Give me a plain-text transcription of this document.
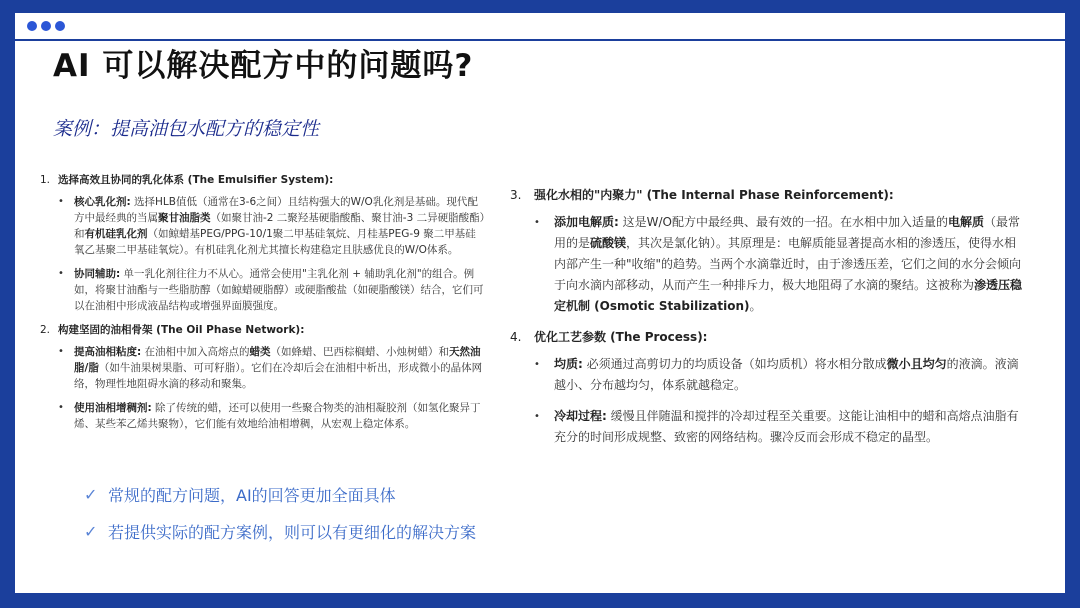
AI 可以解决配方中的问题吗?
案例：提高油包水配方的稳定性
1. 选择高效且协同的乳化体系 (The Emulsifier System):
• 核心乳化剂: 选择HLB值低（通常在3-6之间）且结构强大的W/O乳化剂是基础。现代配方中最经典的当属聚甘油脂类（如聚甘油-2 二聚羟基硬脂酸酯、聚甘油-3 二异硬脂酸酯）和有机硅乳化剂（如鲸蜡基PEG/PPG-10/1聚二甲基硅氧烷、月桂基PEG-9 聚二甲基硅氧乙基聚二甲基硅氧烷）。有机硅乳化剂尤其擅长构建稳定且肤感优良的W/O体系。
• 协同辅助: 单一乳化剂往往力不从心。通常会使用"主乳化剂 + 辅助乳化剂"的组合。例如，将聚甘油酯与一些脂肪醇（如鲸蜡硬脂醇）或硬脂酸盐（如硬脂酸镁）结合，它们可以在油相中形成液晶结构或增强界面膜强度。
2. 构建坚固的油相骨架 (The Oil Phase Network):
• 提高油相粘度: 在油相中加入高熔点的蜡类（如蜂蜡、巴西棕榈蜡、小烛树蜡）和天然油脂/脂（如牛油果树果脂、可可籽脂）。它们在冷却后会在油相中析出，形成微小的晶体网络，物理性地阻碍水滴的移动和聚集。
• 使用油相增稠剂: 除了传统的蜡，还可以使用一些聚合物类的油相凝胶剂（如氢化聚异丁烯、某些苯乙烯共聚物），它们能有效地给油相增稠，从宏观上稳定体系。
3.	强化水相的"内聚力" (The Internal Phase Reinforcement):
•	添加电解质: 这是W/O配方中最经典、最有效的一招。在水相中加入适量的电解质（最常用的是硫酸镁，其次是氯化钠）。其原理是：电解质能显著提高水相的渗透压，使得水相内部产生一种"收缩"的趋势。当两个水滴靠近时，由于渗透压差，它们之间的水分会倾向于向水滴内部移动，从而产生一种排斥力，极大地阻碍了水滴的聚结。这被称为渗透压稳定机制 (Osmotic Stabilization)。
4.	优化工艺参数 (The Process):
•	均质: 必须通过高剪切力的均质设备（如均质机）将水相分散成微小且均匀的液滴。液滴越小、分布越均匀，体系就越稳定。
•	冷却过程: 缓慢且伴随温和搅拌的冷却过程至关重要。这能让油相中的蜡和高熔点油脂有充分的时间形成规整、致密的网络结构。骤冷反而会形成不稳定的晶型。
✓ 常规的配方问题，AI的回答更加全面具体
✓ 若提供实际的配方案例，则可以有更细化的解决方案
